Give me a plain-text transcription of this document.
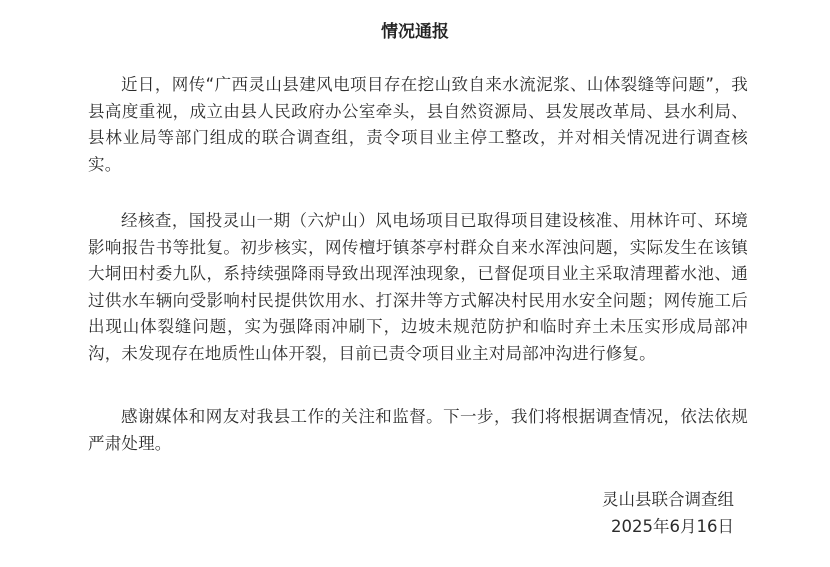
情况通报

近日，网传“广西灵山县建风电项目存在挖山致自来水流泥浆、山体裂缝等问题”，我县高度重视，成立由县人民政府办公室牵头，县自然资源局、县发展改革局、县水利局、县林业局等部门组成的联合调查组，责令项目业主停工整改，并对相关情况进行调查核实。

经核查，国投灵山一期（六炉山）风电场项目已取得项目建设核准、用林许可、环境影响报告书等批复。初步核实，网传檀圩镇茶亭村群众自来水浑浊问题，实际发生在该镇大垌田村委九队，系持续强降雨导致出现浑浊现象，已督促项目业主采取清理蓄水池、通过供水车辆向受影响村民提供饮用水、打深井等方式解决村民用水安全问题；网传施工后出现山体裂缝问题，实为强降雨冲刷下，边坡未规范防护和临时弃土未压实形成局部冲沟，未发现存在地质性山体开裂，目前已责令项目业主对局部冲沟进行修复。

感谢媒体和网友对我县工作的关注和监督。下一步，我们将根据调查情况，依法依规严肃处理。

灵山县联合调查组
2025年6月16日
